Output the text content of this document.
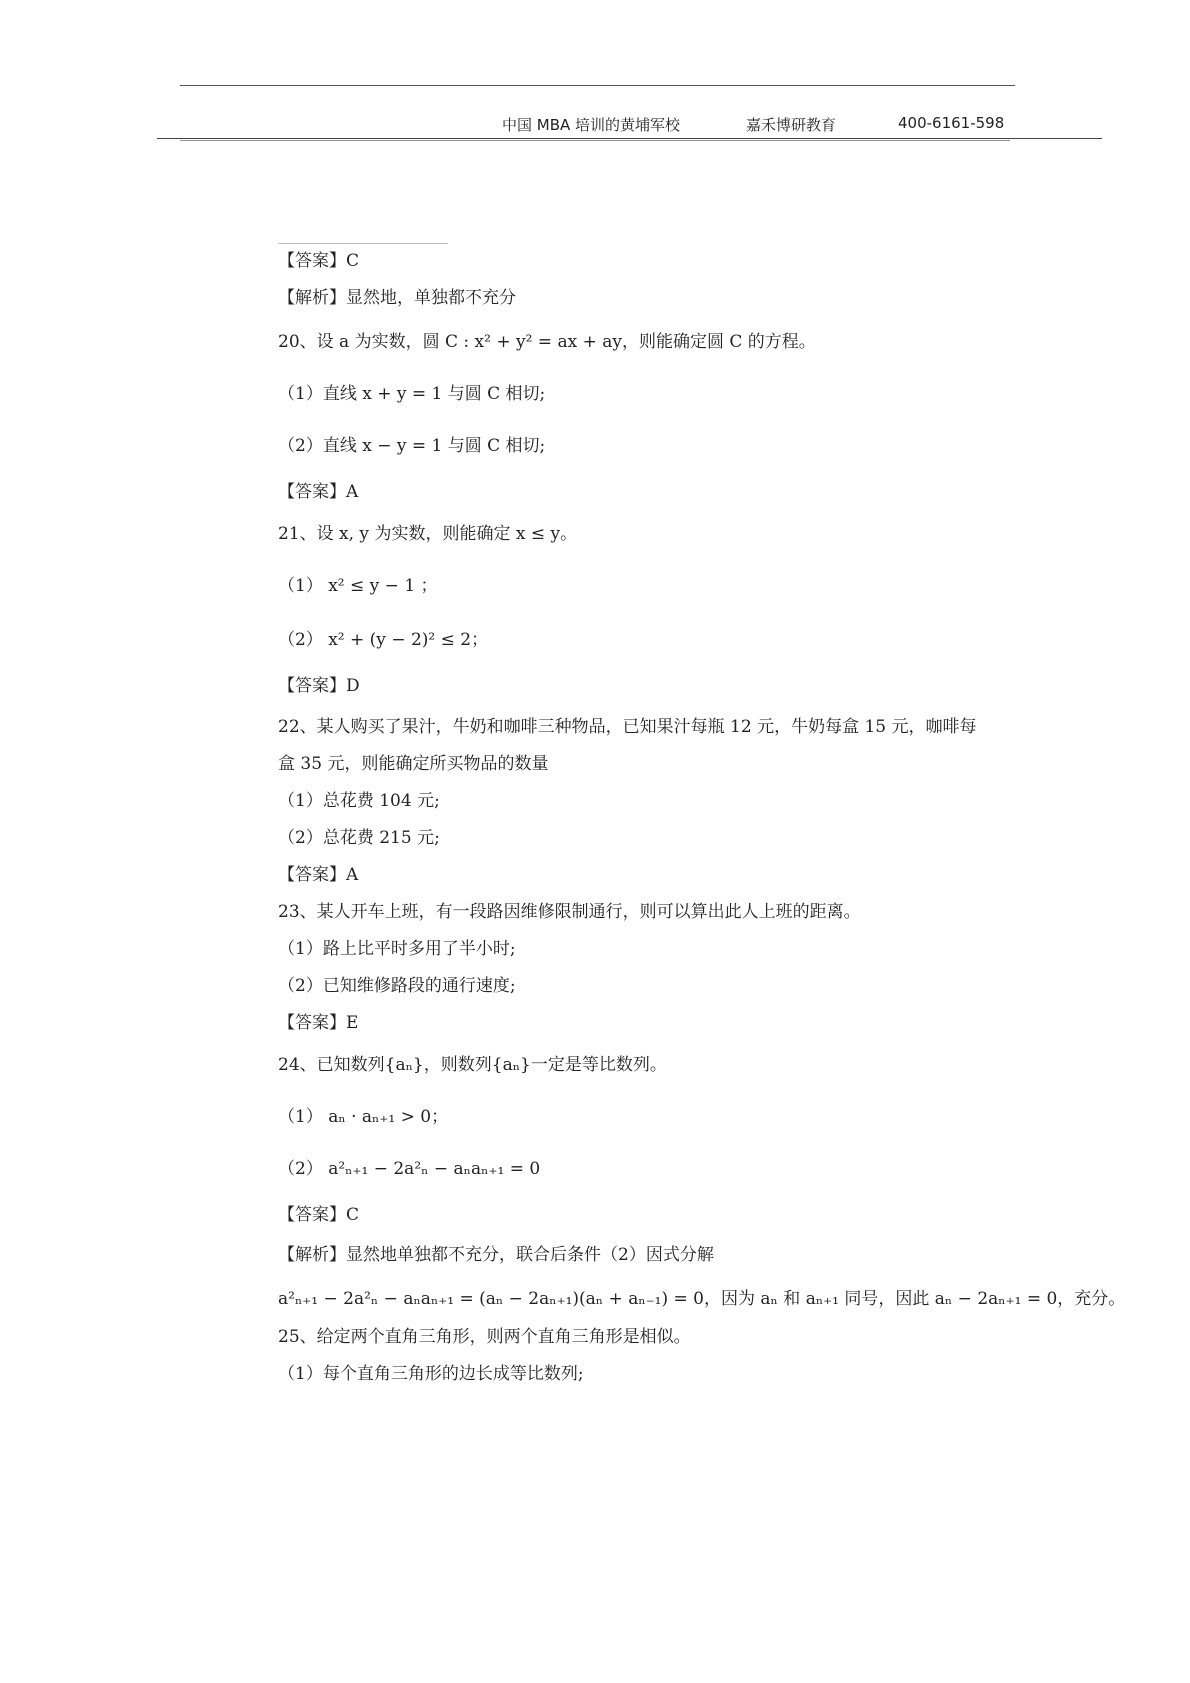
中国 MBA 培训的黄埔军校	嘉禾博研教育	400-6161-598
【答案】C
【解析】显然地，单独都不充分
20、设 a 为实数，圆 C : x² + y² = ax + ay，则能确定圆 C 的方程。
（1）直线 x + y = 1 与圆 C 相切;
（2）直线 x − y = 1 与圆 C 相切;
【答案】A
21、设 x, y 为实数，则能确定 x ≤ y。
（1） x² ≤ y − 1 ；
（2） x² + (y − 2)² ≤ 2；
【答案】D
22、某人购买了果汁，牛奶和咖啡三种物品，已知果汁每瓶 12 元，牛奶每盒 15 元，咖啡每
盒 35 元，则能确定所买物品的数量
（1）总花费 104 元;
（2）总花费 215 元;
【答案】A
23、某人开车上班，有一段路因维修限制通行，则可以算出此人上班的距离。
（1）路上比平时多用了半小时;
（2）已知维修路段的通行速度;
【答案】E
24、已知数列{aₙ}，则数列{aₙ}一定是等比数列。
（1） aₙ · aₙ₊₁ > 0；
（2） a²ₙ₊₁ − 2a²ₙ − aₙaₙ₊₁ = 0
【答案】C
【解析】显然地单独都不充分，联合后条件（2）因式分解
a²ₙ₊₁ − 2a²ₙ − aₙaₙ₊₁ = (aₙ − 2aₙ₊₁)(aₙ + aₙ₋₁) = 0，因为 aₙ 和 aₙ₊₁ 同号，因此 aₙ − 2aₙ₊₁ = 0，充分。
25、给定两个直角三角形，则两个直角三角形是相似。
（1）每个直角三角形的边长成等比数列;
